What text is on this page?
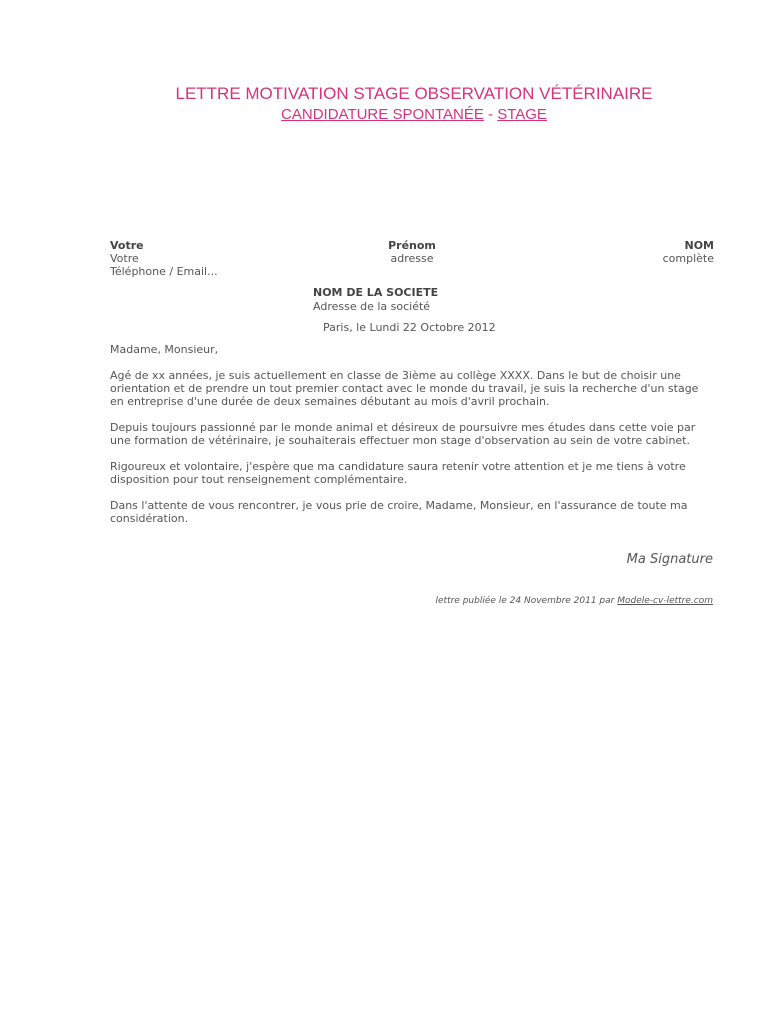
LETTRE MOTIVATION STAGE OBSERVATION VÉTÉRINAIRE
CANDIDATURE SPONTANÉE - STAGE
Votre	Prénom	NOM
Votre	adresse	complète
Téléphone / Email...
NOM DE LA SOCIETE
Adresse de la société
Paris, le Lundi 22 Octobre 2012

Madame, Monsieur,

Agé de xx années, je suis actuellement en classe de 3ième au collège XXXX. Dans le but de choisir une orientation et de prendre un tout premier contact avec le monde du travail, je suis la recherche d'un stage en entreprise d'une durée de deux semaines débutant au mois d'avril prochain.

Depuis toujours passionné par le monde animal et désireux de poursuivre mes études dans cette voie par une formation de vétérinaire, je souhaiterais effectuer mon stage d'observation au sein de votre cabinet.

Rigoureux et volontaire, j'espère que ma candidature saura retenir votre attention et je me tiens à votre disposition pour tout renseignement complémentaire.

Dans l'attente de vous rencontrer, je vous prie de croire, Madame, Monsieur, en l'assurance de toute ma considération.

Ma Signature
lettre publiée le 24 Novembre 2011 par Modele-cv-lettre.com
